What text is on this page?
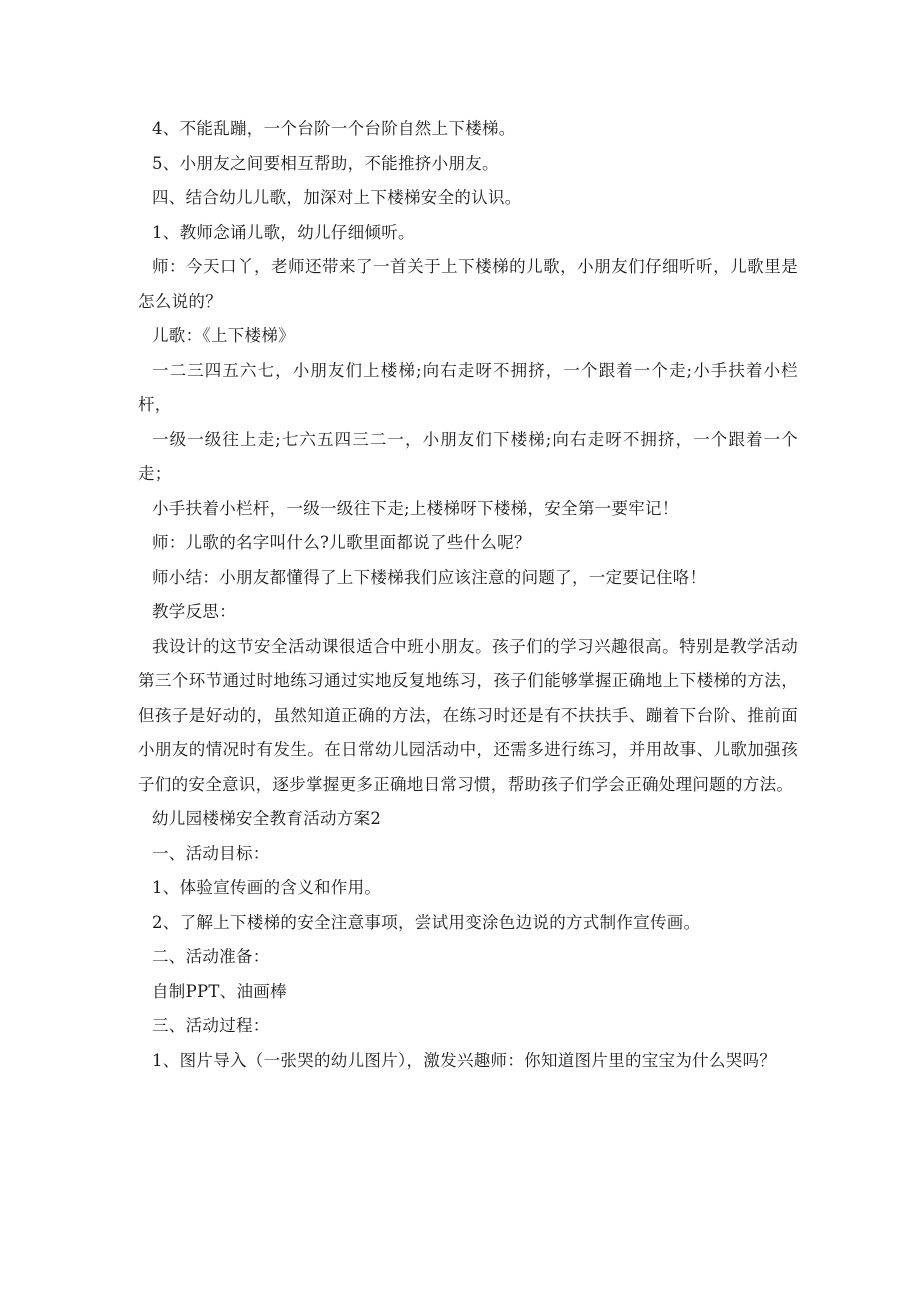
4、不能乱蹦，一个台阶一个台阶自然上下楼梯。

5、小朋友之间要相互帮助，不能推挤小朋友。

四、结合幼儿儿歌，加深对上下楼梯安全的认识。

1、教师念诵儿歌，幼儿仔细倾听。

师：今天口丫，老师还带来了一首关于上下楼梯的儿歌，小朋友们仔细听听，儿歌里是怎么说的？

儿歌：《上下楼梯》

一二三四五六七，小朋友们上楼梯;向右走呀不拥挤，一个跟着一个走;小手扶着小栏杆，

一级一级往上走;七六五四三二一，小朋友们下楼梯;向右走呀不拥挤，一个跟着一个走；

小手扶着小栏杆，一级一级往下走;上楼梯呀下楼梯，安全第一要牢记！

师：儿歌的名字叫什么?儿歌里面都说了些什么呢？

师小结：小朋友都懂得了上下楼梯我们应该注意的问题了，一定要记住咯！

教学反思：

我设计的这节安全活动课很适合中班小朋友。孩子们的学习兴趣很高。特别是教学活动第三个环节通过时地练习通过实地反复地练习，孩子们能够掌握正确地上下楼梯的方法，但孩子是好动的，虽然知道正确的方法，在练习时还是有不扶扶手、蹦着下台阶、推前面小朋友的情况时有发生。在日常幼儿园活动中，还需多进行练习，并用故事、儿歌加强孩子们的安全意识，逐步掌握更多正确地日常习惯，帮助孩子们学会正确处理问题的方法。

幼儿园楼梯安全教育活动方案2

一、活动目标：

1、体验宣传画的含义和作用。

2、了解上下楼梯的安全注意事项，尝试用变涂色边说的方式制作宣传画。

二、活动准备：

自制PPT、油画棒

三、活动过程：

1、图片导入（一张哭的幼儿图片），激发兴趣师：你知道图片里的宝宝为什么哭吗？
